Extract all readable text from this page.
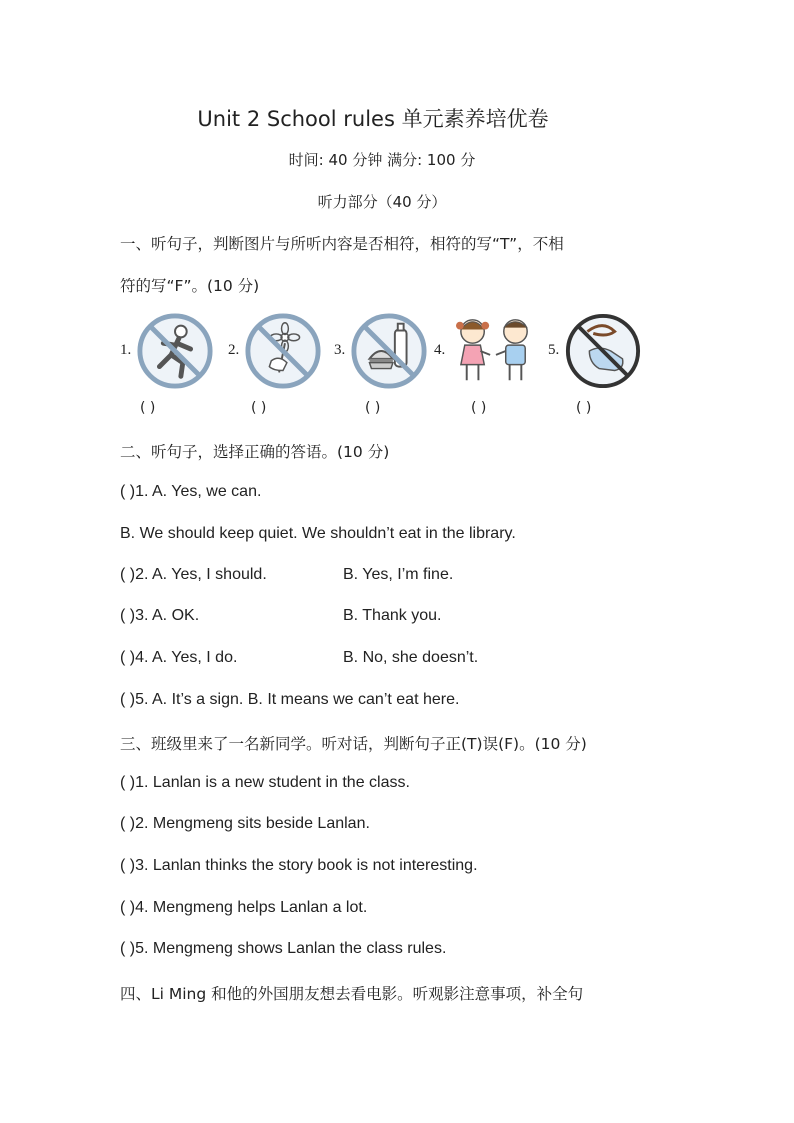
Unit 2 School rules 单元素养培优卷
时间: 40 分钟 满分: 100 分
听力部分（40 分）
一、听句子，判断图片与所听内容是否相符，相符的写“T”，不相
符的写“F”。(10 分)
1.	2.	3.	4.	5.
( )	( )	( )	( )	( )
二、听句子，选择正确的答语。(10 分)
( )1. A. Yes, we can.
B. We should keep quiet. We shouldn’t eat in the library.
( )2. A. Yes, I should.	B. Yes, I’m fine.
( )3. A. OK.	B. Thank you.
( )4. A. Yes, I do.	B. No, she doesn’t.
( )5. A. It’s a sign. B. It means we can’t eat here.
三、班级里来了一名新同学。听对话，判断句子正(T)误(F)。(10 分)
( )1. Lanlan is a new student in the class.
( )2. Mengmeng sits beside Lanlan.
( )3. Lanlan thinks the story book is not interesting.
( )4. Mengmeng helps Lanlan a lot.
( )5. Mengmeng shows Lanlan the class rules.
四、Li Ming 和他的外国朋友想去看电影。听观影注意事项，补全句
